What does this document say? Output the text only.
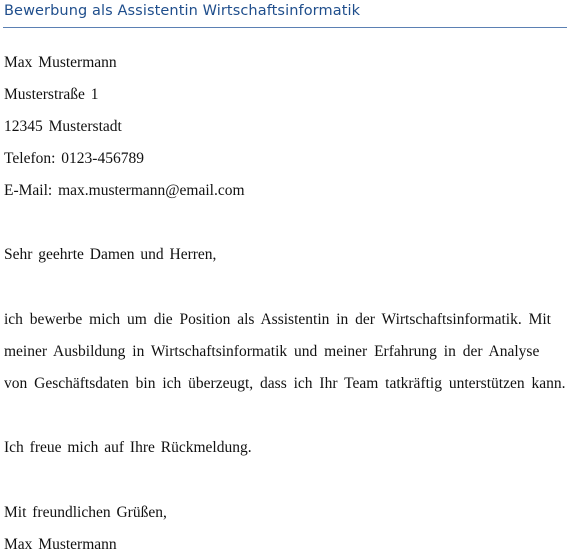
Bewerbung als Assistentin Wirtschaftsinformatik
Max Mustermann
Musterstraße 1
12345 Musterstadt
Telefon: 0123-456789
E-Mail: max.mustermann@email.com
Sehr geehrte Damen und Herren,
ich bewerbe mich um die Position als Assistentin in der Wirtschaftsinformatik. Mit
meiner Ausbildung in Wirtschaftsinformatik und meiner Erfahrung in der Analyse
von Geschäftsdaten bin ich überzeugt, dass ich Ihr Team tatkräftig unterstützen kann.
Ich freue mich auf Ihre Rückmeldung.
Mit freundlichen Grüßen,
Max Mustermann
